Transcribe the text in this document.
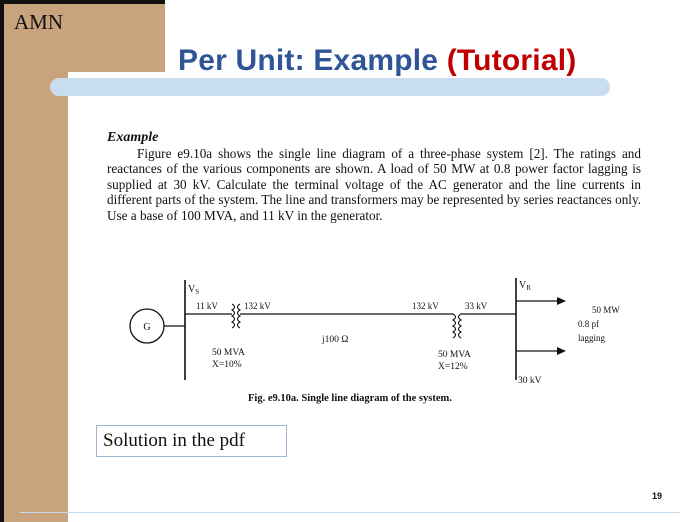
AMN
Per Unit: Example (Tutorial)
Example
Figure e9.10a shows the single line diagram of a three-phase system [2]. The ratings and reactances of the various components are shown. A load of 50 MW at 0.8 power factor lagging is supplied at 30 kV. Calculate the terminal voltage of the AC generator and the line currents in different parts of the system. The line and transformers may be represented by series reactances only. Use a base of 100 MVA, and 11 kV in the generator.
G
$V_S$
11 kV	132 kV
50 MVA
X=10%
j100 Ω
132 kV	33 kV
50 MVA
X=12%
$V_R$
30 kV
50 MW
0.8 pf
lagging
Fig. e9.10a. Single line diagram of the system.
Solution in the pdf
19
